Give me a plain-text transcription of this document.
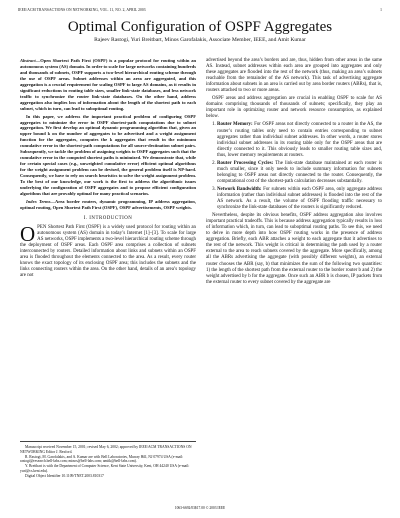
IEEE/ACM TRANSACTIONS ON NETWORKING, VOL. 11, NO. 2, APRIL 2003	1
Optimal Configuration of OSPF Aggregates
Rajeev Rastogi, Yuri Breitbart, Minos Garofalakis, Associate Member, IEEE, and Amit Kumar

Abstract—Open Shortest Path First (OSPF) is a popular protocol for routing within an autonomous system (AS) domain. In order to scale for large networks containing hundreds and thousands of subnets, OSPF supports a two-level hierarchical routing scheme through the use of OSPF areas. Subnet addresses within an area are aggregated, and this aggregation is a crucial requirement for scaling OSPF to large AS domains, as it results in significant reductions in routing table sizes, smaller link-state databases, and less network traffic to synchronize the router link-state databases. On the other hand, address aggregation also implies loss of information about the length of the shortest path to each subnet, which in turn, can lead to suboptimal routing.

In this paper, we address the important practical problem of configuring OSPF aggregates to minimize the error in OSPF shortest-path computations due to subnet aggregation. We first develop an optimal dynamic programming algorithm that, given an upper bound k on the number of aggregates to be advertised and a weight assignment function for the aggregates, computes the k aggregates that result in the minimum cumulative error in the shortest-path computations for all source-destination subnet pairs. Subsequently, we tackle the problem of assigning weights to OSPF aggregates such that the cumulative error in the computed shortest paths is minimized. We demonstrate that, while for certain special cases (e.g., unweighted cumulative error) efficient optimal algorithms for the weight assignment problem can be devised, the general problem itself is NP-hard. Consequently, we have to rely on search heuristics to solve the weight assignment problem. To the best of our knowledge, our work is the first to address the algorithmic issues underlying the configuration of OSPF aggregates and to propose efficient configuration algorithms that are provably optimal for many practical scenarios.

Index Terms—Area border routers, dynamic programming, IP address aggregation, optimal routing, Open Shortest Path First (OSPF), OSPF advertisements, OSPF weights.

I. INTRODUCTION

OPEN Shortest Path First (OSPF) is a widely used protocol for routing within an autonomous system (AS) domain in today’s Internet [1]–[3]. To scale for large AS networks, OSPF implements a two-level hierarchical routing scheme through the deployment of OSPF areas. Each OSPF area comprises a collection of subnets interconnected by routers. Detailed information about links and subnets within an OSPF area is flooded throughout the elements connected to the area. As a result, every router knows the exact topology of its enclosing OSPF area; this includes the subnets and the links connecting routers within the area. On the other hand, details of an area’s topology are not

Manuscript received November 15, 2001; revised May 6, 2002; approved by IEEE/ACM TRANSACTIONS ON NETWORKING Editor J. Rexford.
R. Rastogi, M. Garofalakis, and A. Kumar are with Bell Laboratories, Murray Hill, NJ 07974 USA (e-mail: rastogi@research.bell-labs.com; minos@bell-labs.com; amitk@bell-labs.com).
Y. Breitbart is with the Department of Computer Science, Kent State University, Kent, OH 44240 USA (e-mail: yuri@cs.kent.edu).
Digital Object Identifier 10.1109/TNET.2003.810317

advertised beyond the area’s borders and are, thus, hidden from other areas in the same AS. Instead, subnet addresses within each area are grouped into aggregates and only these aggregates are flooded into the rest of the network (thus, making an area’s subnets reachable from the remainder of the AS network). This task of advertising aggregate information about subnets in an area is carried out by area border routers (ABRs), that is, routers attached to two or more areas.

OSPF areas and address aggregation are crucial in enabling OSPF to scale for AS domains comprising thousands of thousands of subnets; specifically, they play an important role in optimizing router and network resource consumption, as explained below.

1. Router Memory: For OSPF areas not directly connected to a router in the AS, the router’s routing tables only need to contain entries corresponding to subnet aggregates rather than individual subnet addresses. In other words, a router stores individual subnet addresses in its routing table only for the OSPF areas that are directly connected to it. This obviously leads to smaller routing table sizes and, thus, lower memory requirements at routers.
2. Router Processing Cycles: The link-state database maintained at each router is much smaller, since it only needs to include summary information for subnets belonging to OSPF areas not directly connected to the router. Consequently, the computational cost of the shortest-path calculation decreases substantially.
3. Network Bandwidth: For subnets within each OSPF area, only aggregate address information (rather than individual subnet addresses) is flooded into the rest of the AS network. As a result, the volume of OSPF flooding traffic necessary to synchronize the link-state databases of the routers is significantly reduced.

Nevertheless, despite its obvious benefits, OSPF address aggregation also involves important practical tradeoffs. This is because address aggregation typically results in loss of information which, in turn, can lead to suboptimal routing paths. To see this, we need to delve in more depth into how OSPF routing works in the presence of address aggregation. Briefly, each ABR attaches a weight to each aggregate that it advertises to the rest of the network. This weight is critical in determining the path used by a router external to the area to reach subnets covered by the aggregate. More specifically, among all the ABRs advertising the aggregate (with possibly different weights), an external router chooses the ABR (say, b) that minimizes the sum of the following two quantities: 1) the length of the shortest path from the external router to the border router b and 2) the weight advertised by b for the aggregate. Once such an ABR b is chosen, IP packets from the external router to every subnet covered by the aggregate are

1063-6692/03$17.00 © 2003 IEEE
